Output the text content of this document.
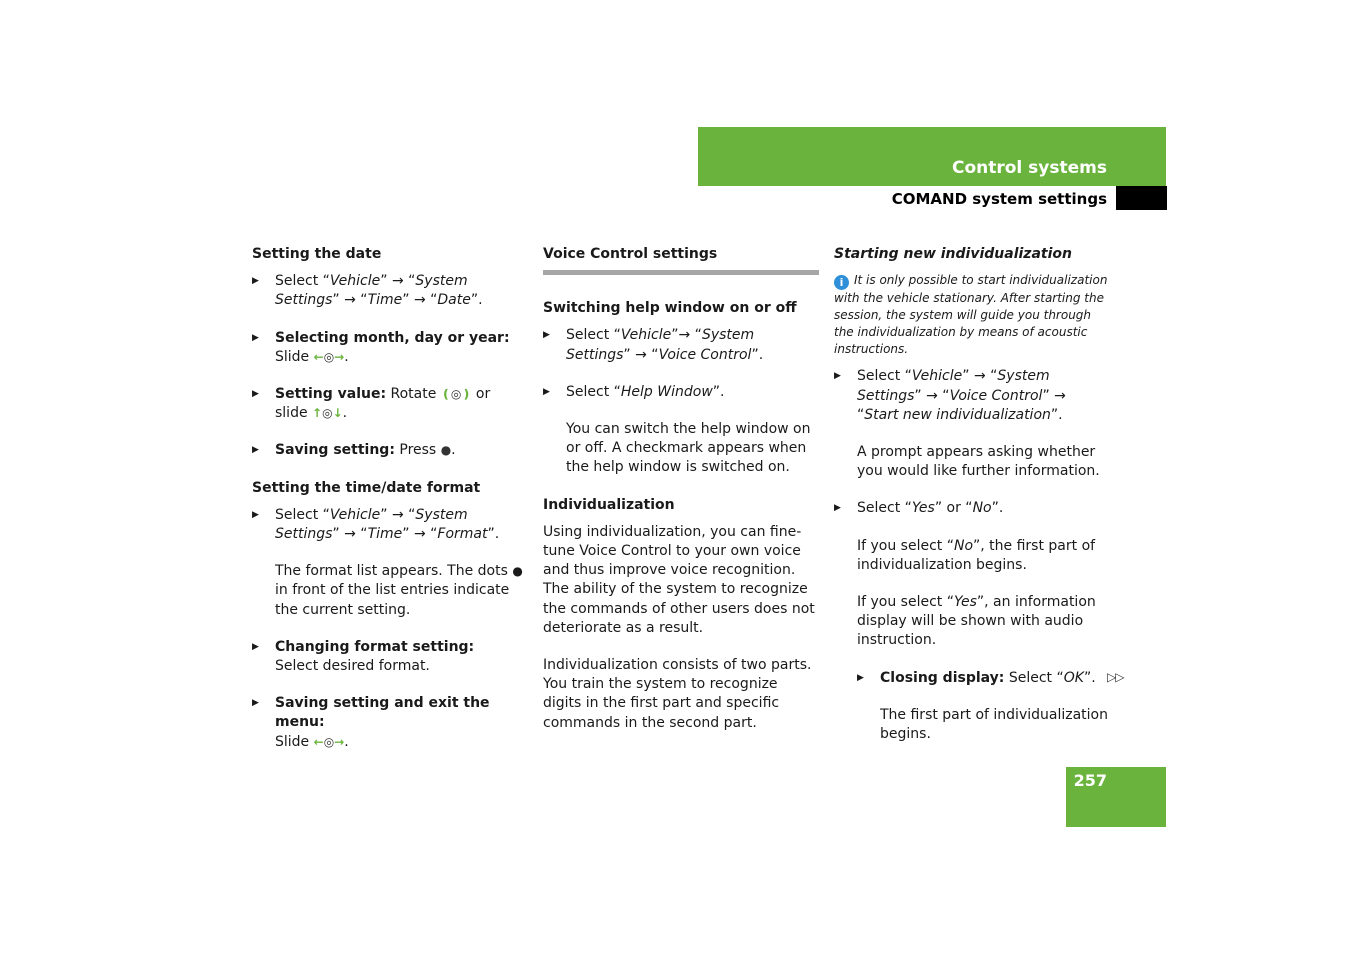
Control systems
COMAND system settings
Setting the date
▶ Select “Vehicle” → “System Settings” → “Time” → “Date”.
▶ Selecting month, day or year:
Slide ←◎→.
▶ Setting value: Rotate ❪◎❫ or
slide ↑◎↓.
▶ Saving setting: Press ●.
Setting the time/date format
▶ Select “Vehicle” → “System Settings” → “Time” → “Format”.
The format list appears. The dots ● in front of the list entries indicate the current setting.
▶ Changing format setting:
Select desired format.
▶ Saving setting and exit the menu:
Slide ←◎→.
Voice Control settings
Switching help window on or off
▶ Select “Vehicle”→ “System Settings” → “Voice Control”.
▶ Select “Help Window”.
You can switch the help window on or off. A checkmark appears when the help window is switched on.
Individualization
Using individualization, you can fine-tune Voice Control to your own voice and thus improve voice recognition. The ability of the system to recognize the commands of other users does not deteriorate as a result.
Individualization consists of two parts. You train the system to recognize digits in the first part and specific commands in the second part.
Starting new individualization
i It is only possible to start individualization with the vehicle stationary. After starting the session, the system will guide you through the individualization by means of acoustic instructions.
▶ Select “Vehicle” → “System Settings” → “Voice Control” → “Start new individualization”.
A prompt appears asking whether you would like further information.
▶ Select “Yes” or “No”.
If you select “No”, the first part of individualization begins.
If you select “Yes”, an information display will be shown with audio instruction.
▶ Closing display: Select “OK”.
The first part of individualization begins.
▷▷
257
